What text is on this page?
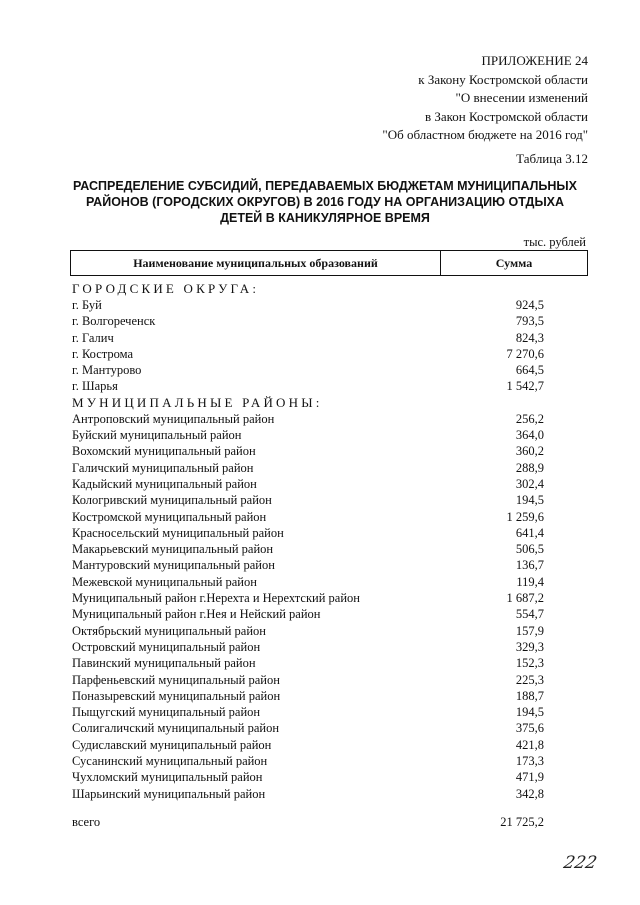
ПРИЛОЖЕНИЕ 24
к Закону Костромской области
"О внесении изменений
в Закон Костромской области
"Об областном бюджете на 2016 год"
Таблица 3.12
РАСПРЕДЕЛЕНИЕ СУБСИДИЙ, ПЕРЕДАВАЕМЫХ БЮДЖЕТАМ МУНИЦИПАЛЬНЫХ
РАЙОНОВ (ГОРОДСКИХ ОКРУГОВ) В 2016 ГОДУ НА ОРГАНИЗАЦИЮ ОТДЫХА
ДЕТЕЙ В КАНИКУЛЯРНОЕ ВРЕМЯ
тыс. рублей
Наименование муниципальных образований	Сумма
ГОРОДСКИЕ ОКРУГА:
г. Буй	924,5
г. Волгореченск	793,5
г. Галич	824,3
г. Кострома	7 270,6
г. Мантурово	664,5
г. Шарья	1 542,7
МУНИЦИПАЛЬНЫЕ РАЙОНЫ:
Антроповский муниципальный район	256,2
Буйский муниципальный район	364,0
Вохомский муниципальный район	360,2
Галичский муниципальный район	288,9
Кадыйский муниципальный район	302,4
Кологривский муниципальный район	194,5
Костромской муниципальный район	1 259,6
Красносельский муниципальный район	641,4
Макарьевский муниципальный район	506,5
Мантуровский муниципальный район	136,7
Межевской муниципальный район	119,4
Муниципальный район г.Нерехта и Нерехтский район	1 687,2
Муниципальный район г.Нея и Нейский район	554,7
Октябрьский муниципальный район	157,9
Островский муниципальный район	329,3
Павинский муниципальный район	152,3
Парфеньевский муниципальный район	225,3
Поназыревский муниципальный район	188,7
Пыщугский муниципальный район	194,5
Солигаличский муниципальный район	375,6
Судиславский муниципальный район	421,8
Сусанинский муниципальный район	173,3
Чухломский муниципальный район	471,9
Шарьинский муниципальный район	342,8
всего	21 725,2
222
